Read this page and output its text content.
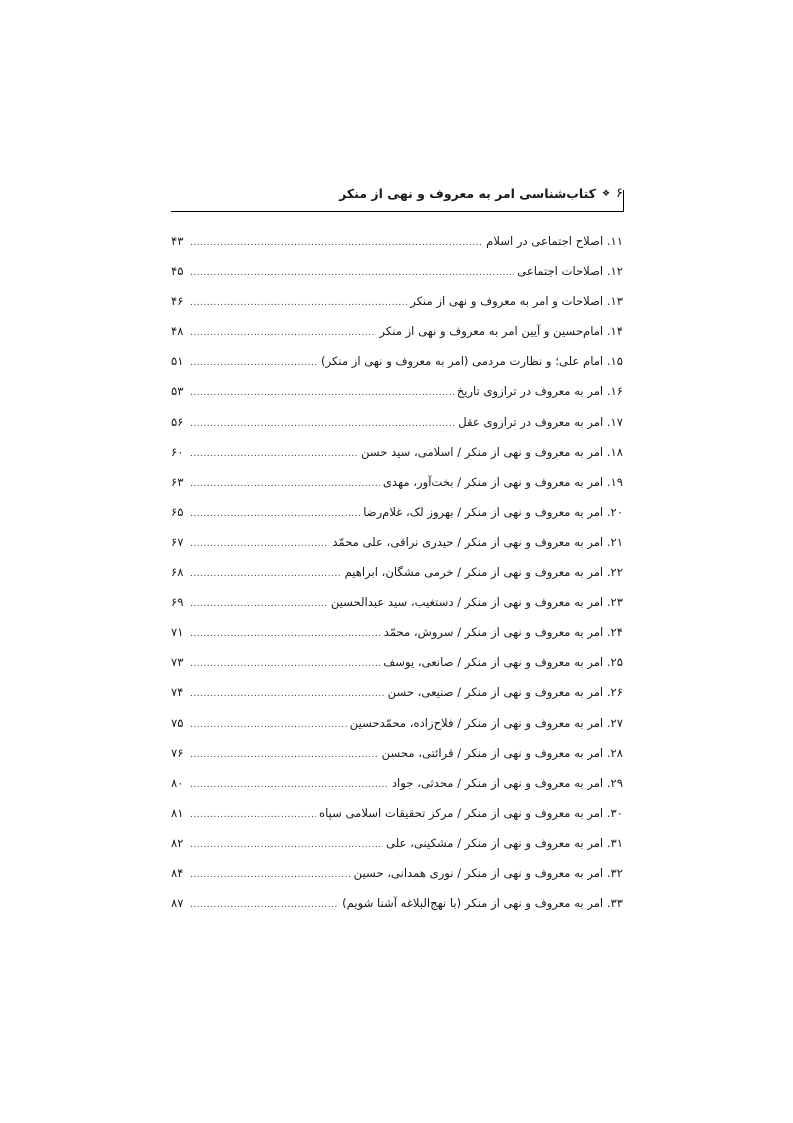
۶
❖
کتاب‌شناسی امر به معروف و نهی از منکر
۱۱. اصلاح اجتماعی در اسلام
.....
۴۳
۱۲. اصلاحات اجتماعی
.....
۴۵
۱۳. اصلاحات و امر به معروف و نهی از منکر
.....
۴۶
۱۴. امام‌حسین و آیین امر به معروف و نهی از منکر
.....
۴۸
۱۵. امام علی؛ و نظارت مردمی (امر به معروف و نهی از منکر)
.....
۵۱
۱۶. امر به معروف در ترازوی تاریخ
.....
۵۳
۱۷. امر به معروف در ترازوی عقل
.....
۵۶
۱۸. امر به معروف و نهی از منکر / اسلامی، سید حسن
.....
۶۰
۱۹. امر به معروف و نهی از منکر / بخت‌آور، مهدی
.....
۶۳
۲۰. امر به معروف و نهی از منکر / بهروز لک، غلام‌رضا
.....
۶۵
۲۱. امر به معروف و نهی از منکر / حیدری نراقی، علی محمّد
.....
۶۷
۲۲. امر به معروف و نهی از منکر / خرمی مشگان، ابراهیم
.....
۶۸
۲۳. امر به معروف و نهی از منکر / دستغیب، سید عبدالحسین
.....
۶۹
۲۴. امر به معروف و نهی از منکر / سروش، محمّد
.....
۷۱
۲۵. امر به معروف و نهی از منکر / صانعی، یوسف
.....
۷۳
۲۶. امر به معروف و نهی از منکر / صنیعی، حسن
.....
۷۴
۲۷. امر به معروف و نهی از منکر / فلاح‌زاده، محمّدحسین
.....
۷۵
۲۸. امر به معروف و نهی از منکر / قرائتی، محسن
.....
۷۶
۲۹. امر به معروف و نهی از منکر / محدثی، جواد
.....
۸۰
۳۰. امر به معروف و نهی از منکر / مرکز تحقیقات اسلامی سپاه
.....
۸۱
۳۱. امر به معروف و نهی از منکر / مشکینی، علی
.....
۸۲
۳۲. امر به معروف و نهی از منکر / نوری همدانی، حسین
.....
۸۴
۳۳. امر به معروف و نهی از منکر (با نهج‌البلاغه آشنا شویم)
.....
۸۷
